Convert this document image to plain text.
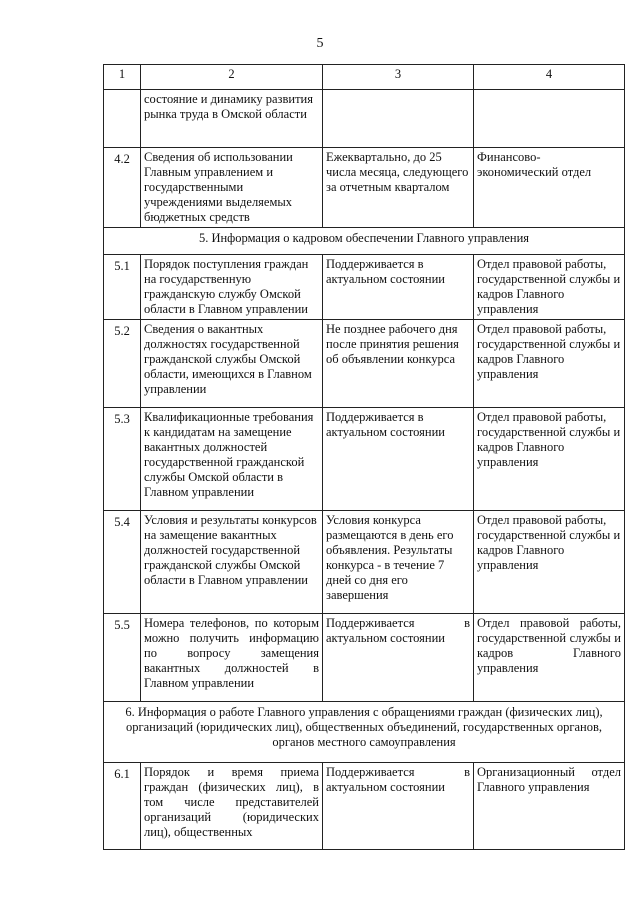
5
1	2	3	4
	состояние и динамику развития рынка труда в Омской области		
4.2	Сведения об использовании Главным управлением и государственными учреждениями выделяемых бюджетных средств	Ежеквартально, до 25 числа месяца, следующего за отчетным кварталом	Финансово-экономический отдел
5. Информация о кадровом обеспечении Главного управления			
5.1	Порядок поступления граждан на государственную гражданскую службу Омской области в Главном управлении	Поддерживается в актуальном состоянии	Отдел правовой работы, государственной службы и кадров Главного управления
5.2	Сведения о вакантных должностях государственной гражданской службы Омской области, имеющихся в Главном управлении	Не позднее рабочего дня после принятия решения об объявлении конкурса	Отдел правовой работы, государственной службы и кадров Главного управления
5.3	Квалификационные требования к кандидатам на замещение вакантных должностей государственной гражданской службы Омской области в Главном управлении	Поддерживается в актуальном состоянии	Отдел правовой работы, государственной службы и кадров Главного управления
5.4	Условия и результаты конкурсов на замещение вакантных должностей государственной гражданской службы Омской области в Главном управлении	Условия конкурса размещаются в день его объявления. Результаты конкурса - в течение 7 дней со дня его завершения	Отдел правовой работы, государственной службы и кадров Главного управления
5.5	Номера телефонов, по которым можно получить информацию по вопросу замещения вакантных должностей в Главном управлении	Поддерживается в актуальном состоянии	Отдел правовой работы, государственной службы и кадров Главного управления
6. Информация о работе Главного управления с обращениями граждан (физических лиц), организаций (юридических лиц), общественных объединений, государственных органов, органов местного самоуправления			
6.1	Порядок и время приема граждан (физических лиц), в том числе представителей организаций (юридических лиц), общественных	Поддерживается в актуальном состоянии	Организационный отдел Главного управления
